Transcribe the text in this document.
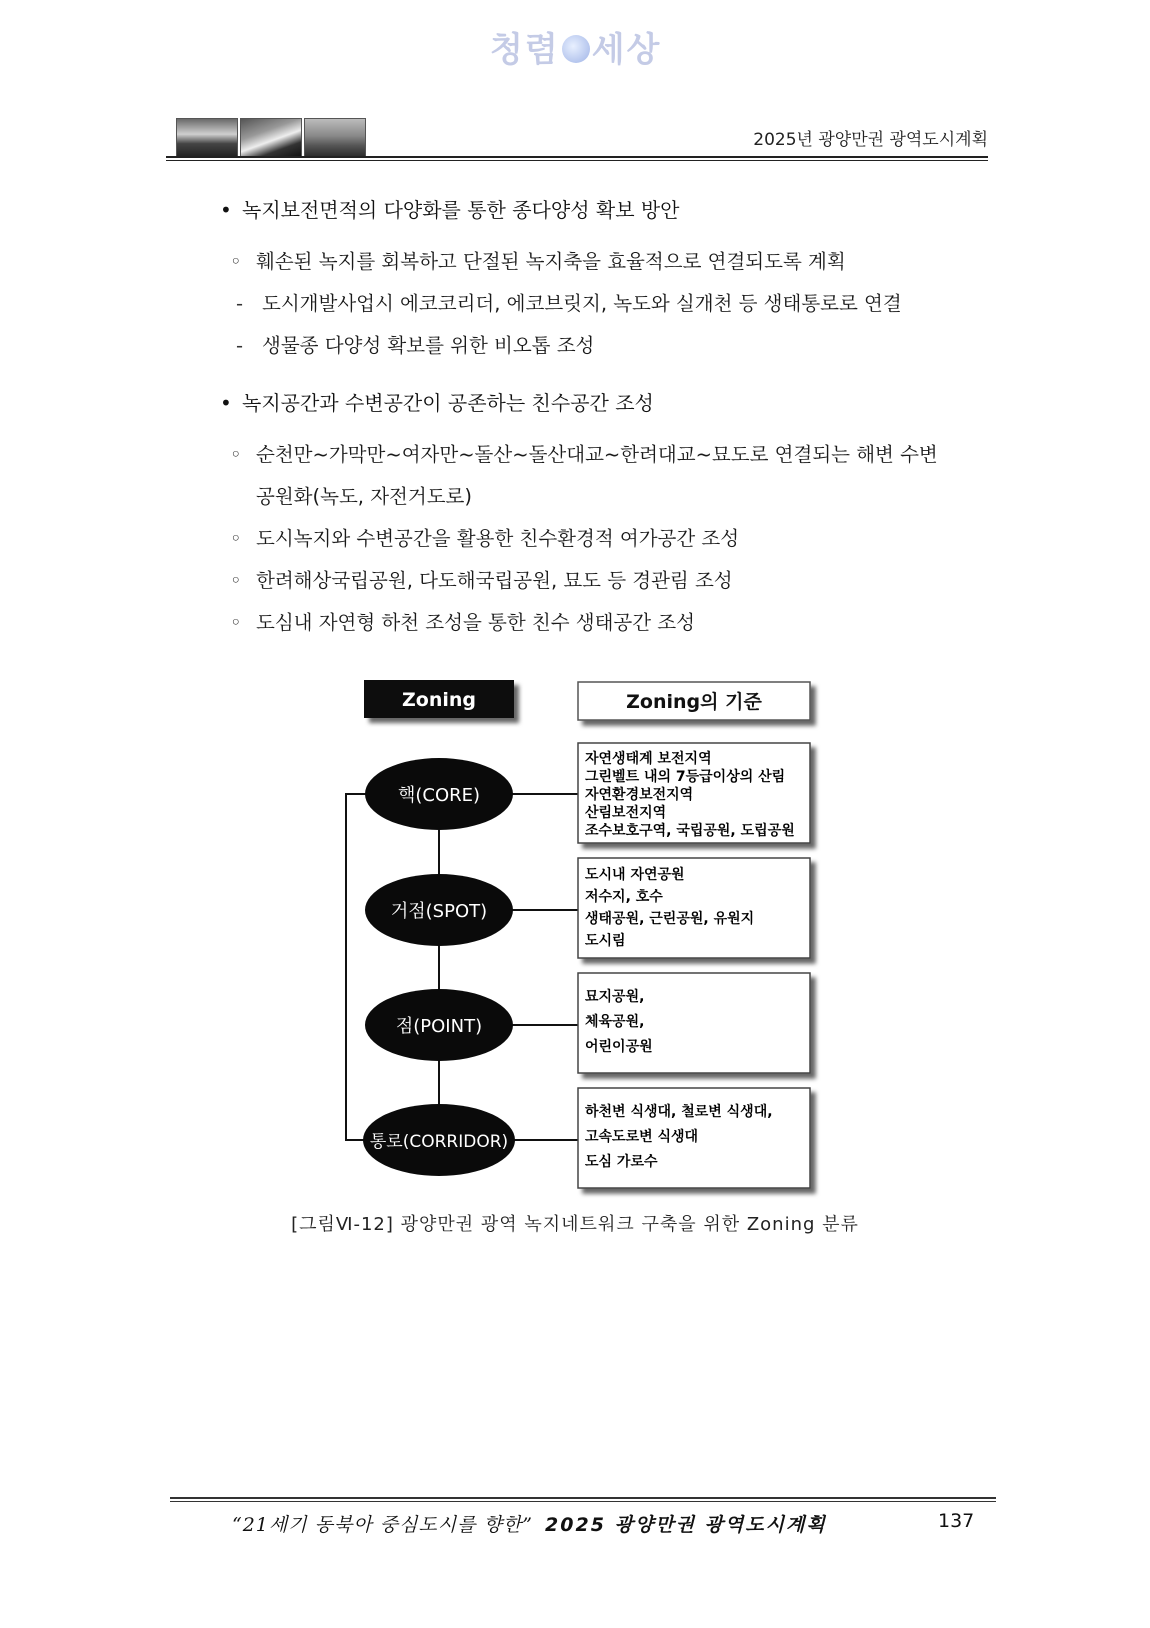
청렴 세상
2025년 광양만권 광역도시계획
• 녹지보전면적의 다양화를 통한 종다양성 확보 방안
◦ 훼손된 녹지를 회복하고 단절된 녹지축을 효율적으로 연결되도록 계획
- 도시개발사업시 에코코리더, 에코브릿지, 녹도와 실개천 등 생태통로로 연결
- 생물종 다양성 확보를 위한 비오톱 조성
• 녹지공간과 수변공간이 공존하는 친수공간 조성
◦ 순천만~가막만~여자만~돌산~돌산대교~한려대교~묘도로 연결되는 해변 수변
공원화(녹도, 자전거도로)
◦ 도시녹지와 수변공간을 활용한 친수환경적 여가공간 조성
◦ 한려해상국립공원, 다도해국립공원, 묘도 등 경관림 조성
◦ 도심내 자연형 하천 조성을 통한 친수 생태공간 조성
Zoning	Zoning의 기준
핵(CORE)
거점(SPOT)
점(POINT)
통로(CORRIDOR)
자연생태계 보전지역
그린벨트 내의 7등급이상의 산림
자연환경보전지역
산림보전지역
조수보호구역, 국립공원, 도립공원
도시내 자연공원
저수지, 호수
생태공원, 근린공원, 유원지
도시림
묘지공원,
체육공원,
어린이공원
하천변 식생대, 철로변 식생대,
고속도로변 식생대
도심 가로수
[그림Ⅵ-12] 광양만권 광역 녹지네트워크 구축을 위한 Zoning 분류
“21세기 동북아 중심도시를 향한” 2025 광양만권 광역도시계획	137
